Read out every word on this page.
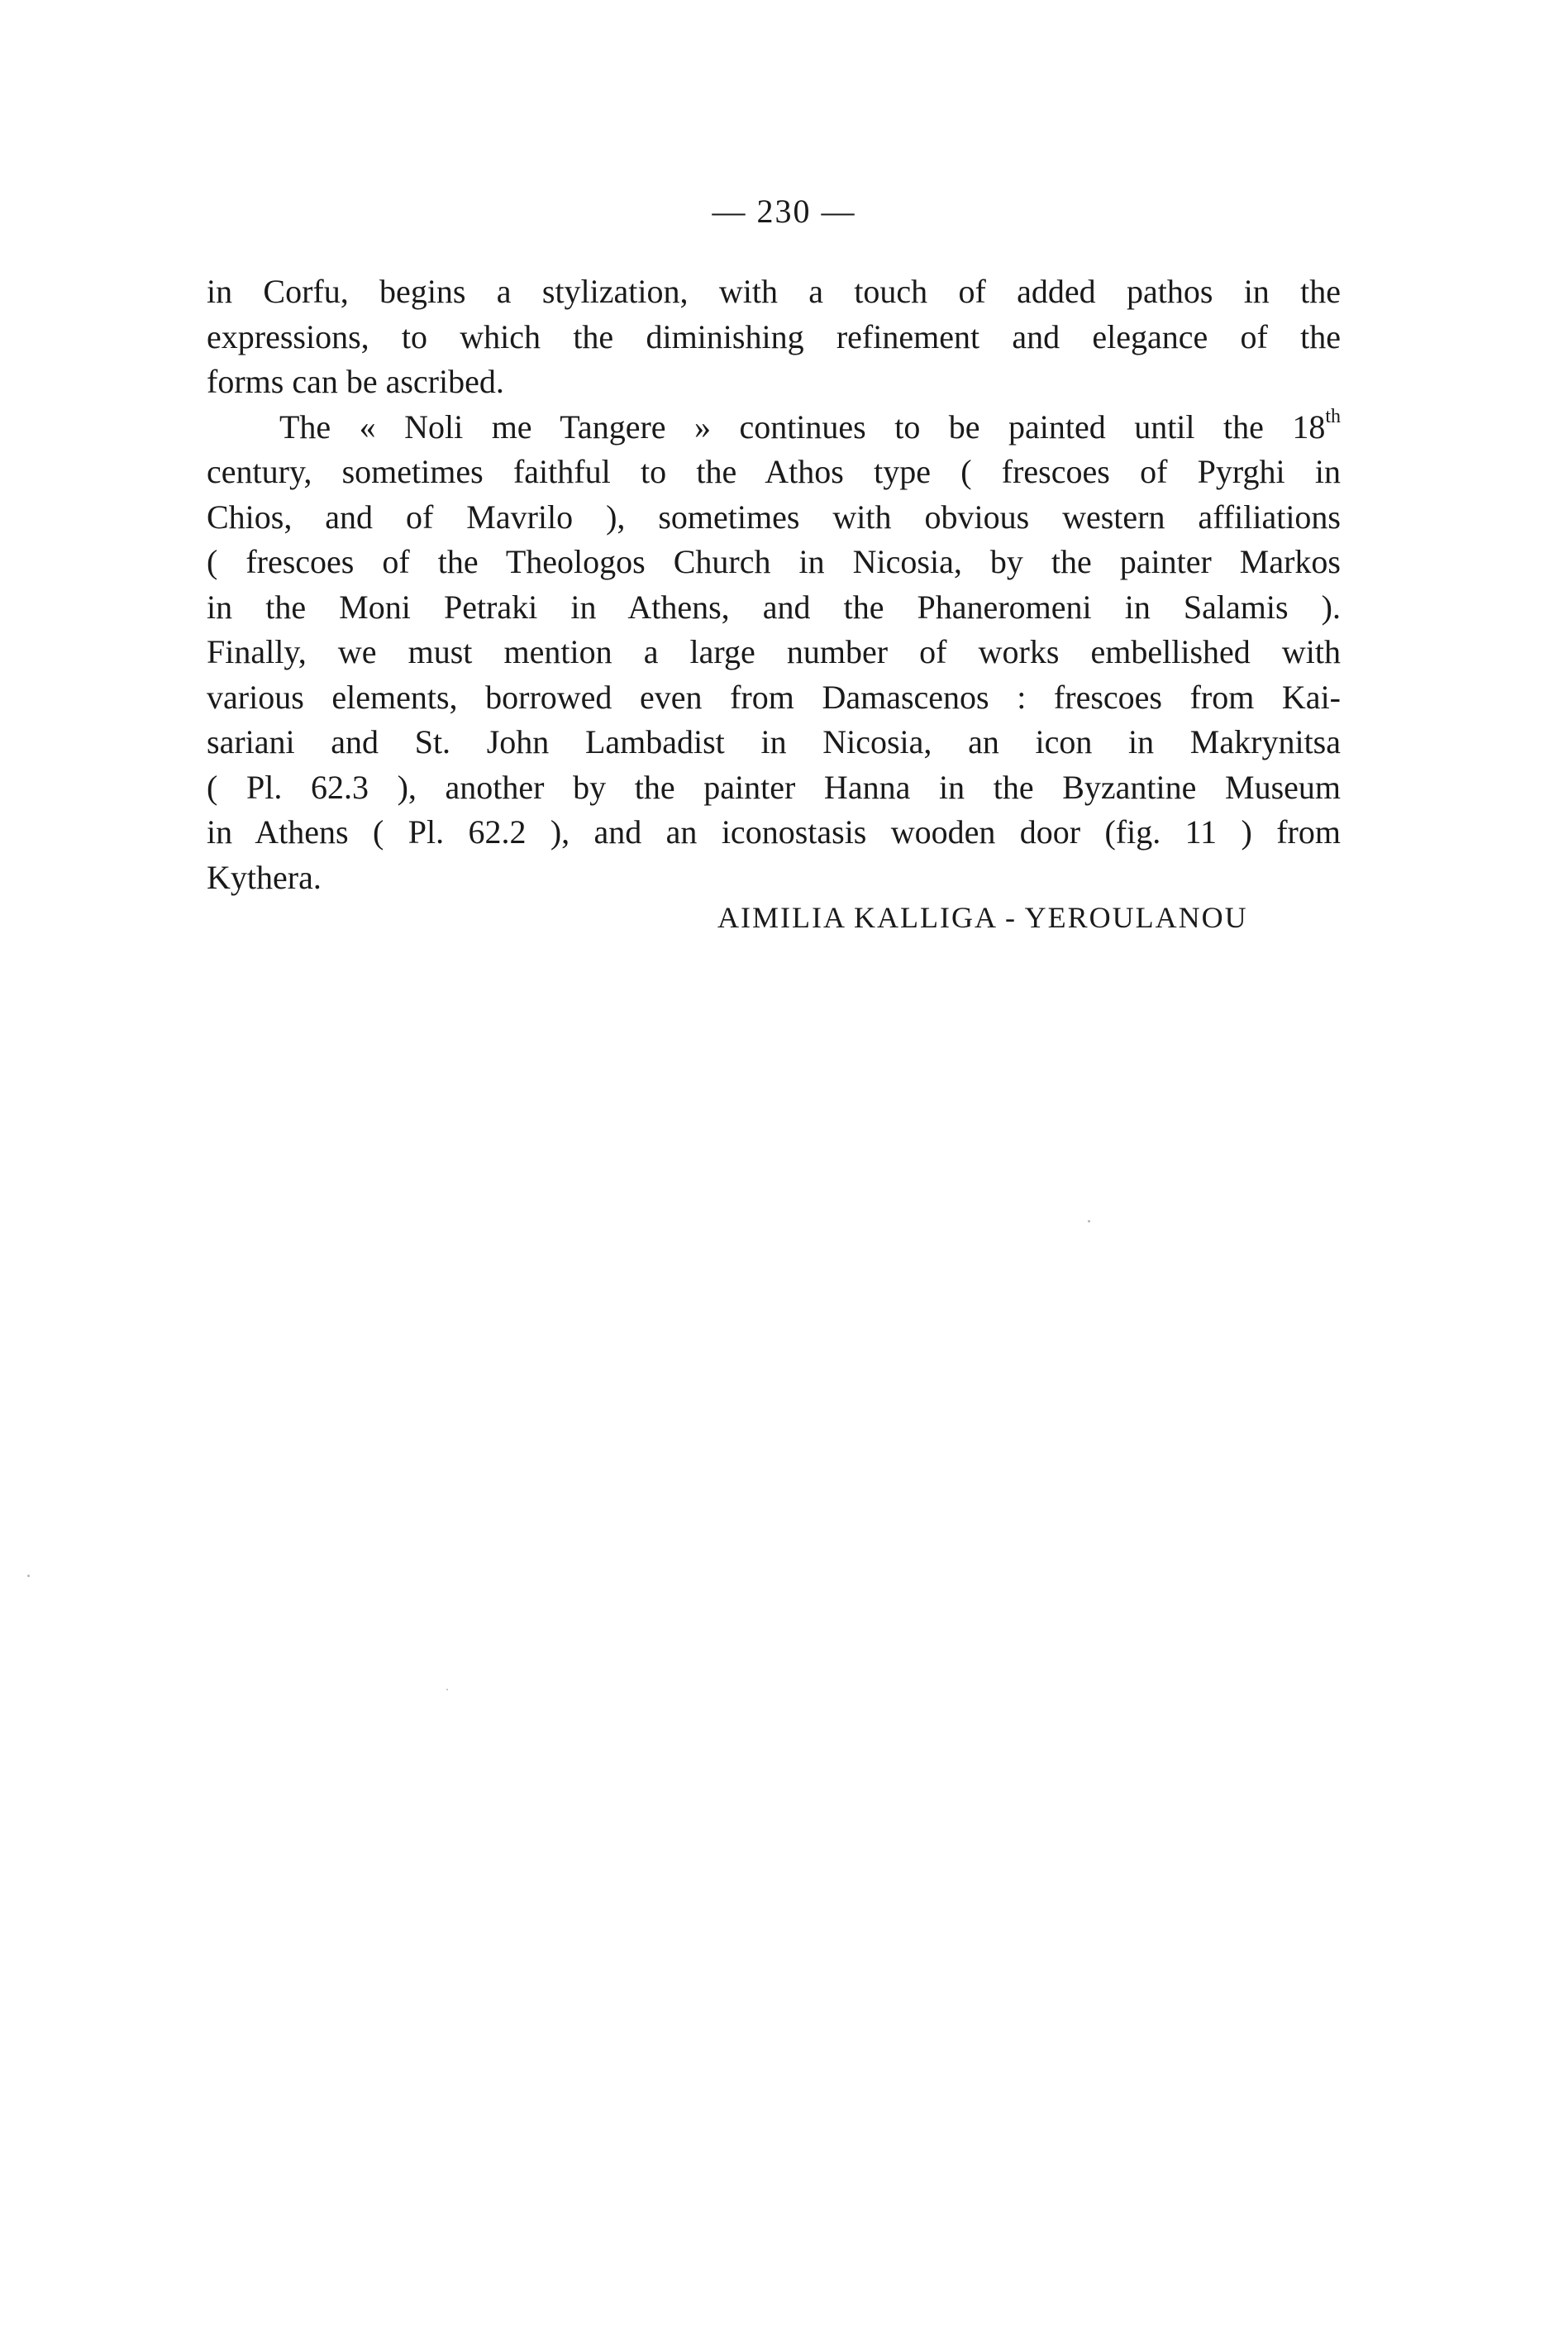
— 230 —
in Corfu, begins a stylization, with a touch of added pathos in the
expressions, to which the diminishing refinement and elegance of the
forms can be ascribed.
The « Noli me Tangere » continues to be painted until the 18th
century, sometimes faithful to the Athos type ( frescoes of Pyrghi in
Chios, and of Mavrilo ), sometimes with obvious western affiliations
( frescoes of the Theologos Church in Nicosia, by the painter Markos
in the Moni Petraki in Athens, and the Phaneromeni in Salamis ).
Finally, we must mention a large number of works embellished with
various elements, borrowed even from Damascenos : frescoes from Kai-
sariani and St. John Lambadist in Nicosia, an icon in Makrynitsa
( Pl. 62.3 ), another by the painter Hanna in the Byzantine Museum
in Athens ( Pl. 62.2 ), and an iconostasis wooden door (fig. 11 ) from
Kythera.
AIMILIA KALLIGA - YEROULANOU
